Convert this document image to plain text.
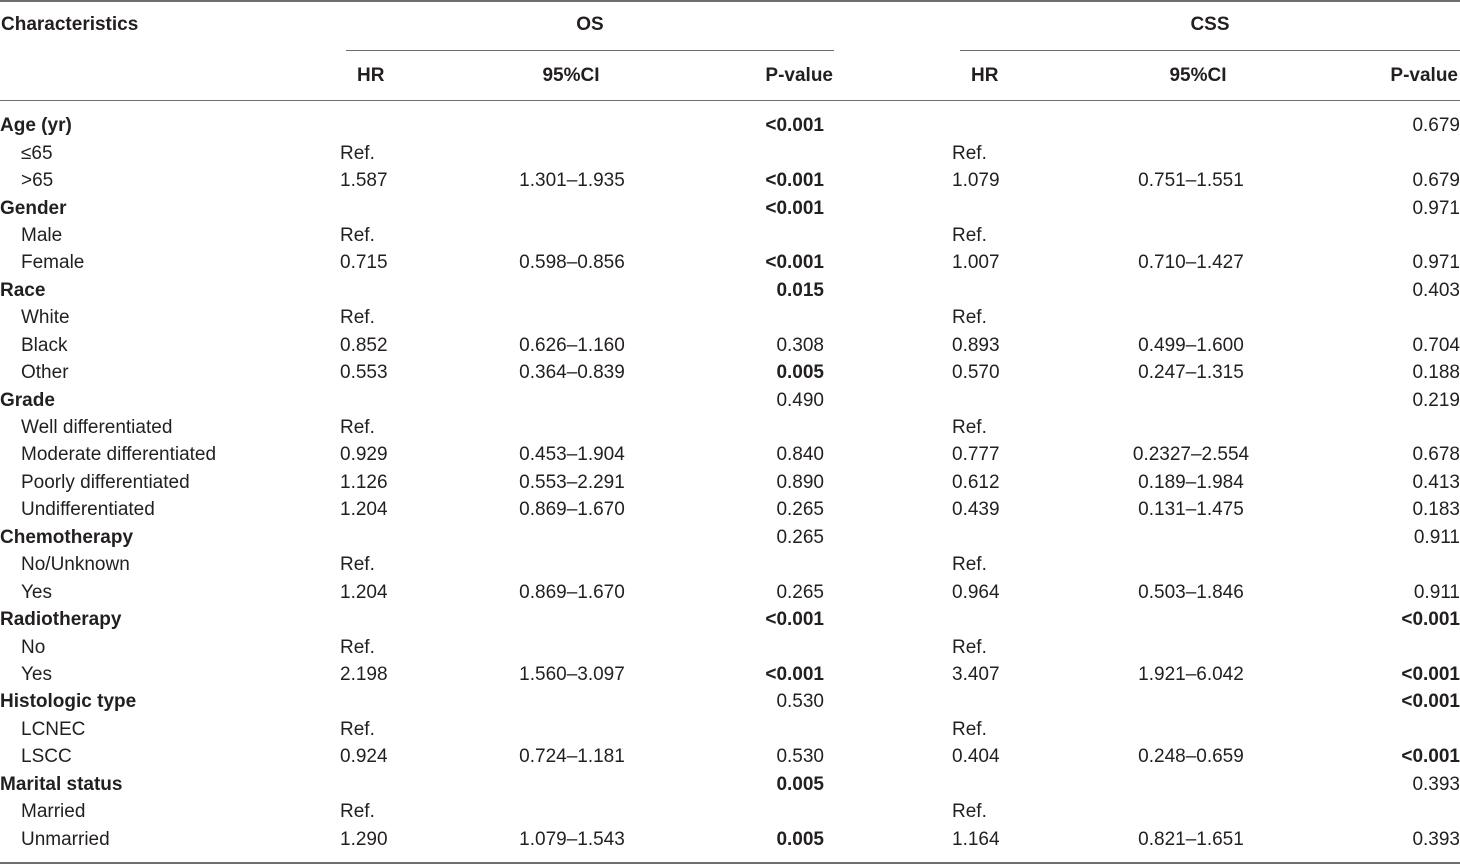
Characteristics	OS	CSS
HR	95%CI	P-value	HR	95%CI	P-value
Age (yr)			<0.001				0.679
≤65	Ref.				Ref.		
>65	1.587	1.301–1.935	<0.001		1.079	0.751–1.551	0.679
Gender			<0.001				0.971
Male	Ref.				Ref.		
Female	0.715	0.598–0.856	<0.001		1.007	0.710–1.427	0.971
Race			0.015				0.403
White	Ref.				Ref.		
Black	0.852	0.626–1.160	0.308		0.893	0.499–1.600	0.704
Other	0.553	0.364–0.839	0.005		0.570	0.247–1.315	0.188
Grade			0.490				0.219
Well differentiated	Ref.				Ref.		
Moderate differentiated	0.929	0.453–1.904	0.840		0.777	0.2327–2.554	0.678
Poorly differentiated	1.126	0.553–2.291	0.890		0.612	0.189–1.984	0.413
Undifferentiated	1.204	0.869–1.670	0.265		0.439	0.131–1.475	0.183
Chemotherapy			0.265				0.911
No/Unknown	Ref.				Ref.		
Yes	1.204	0.869–1.670	0.265		0.964	0.503–1.846	0.911
Radiotherapy			<0.001				<0.001
No	Ref.				Ref.		
Yes	2.198	1.560–3.097	<0.001		3.407	1.921–6.042	<0.001
Histologic type			0.530				<0.001
LCNEC	Ref.				Ref.		
LSCC	0.924	0.724–1.181	0.530		0.404	0.248–0.659	<0.001
Marital status			0.005				0.393
Married	Ref.				Ref.		
Unmarried	1.290	1.079–1.543	0.005		1.164	0.821–1.651	0.393
